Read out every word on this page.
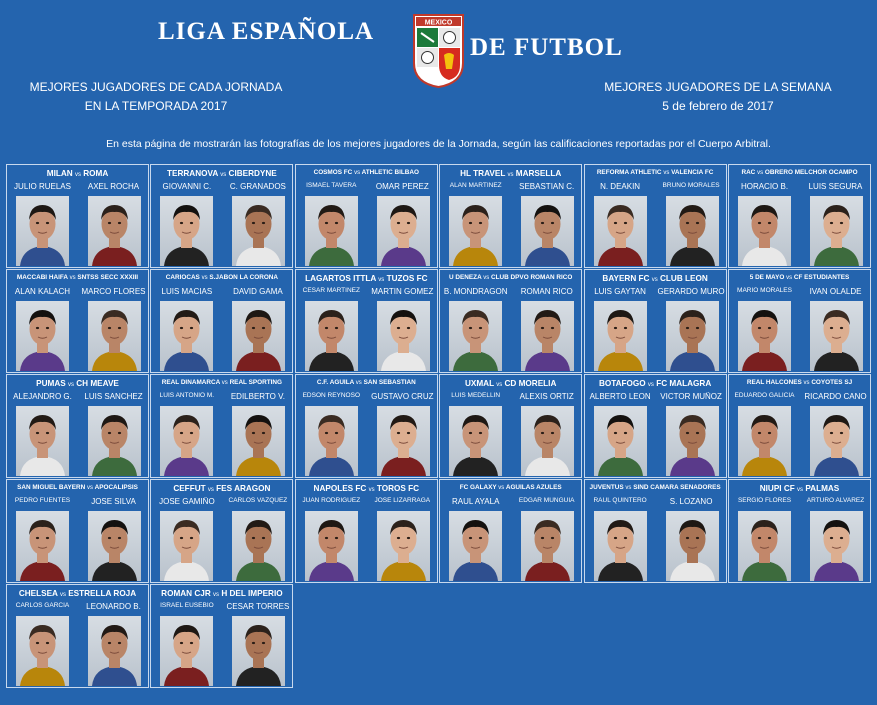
LIGA ESPAÑOLA	MEXICO
DE FUTBOL
MEJORES JUGADORES DE CADA JORNADA
EN LA TEMPORADA 2017
MEJORES JUGADORES DE LA SEMANA
5 de febrero de 2017
En esta página de mostrarán las fotografías de los mejores jugadores de la Jornada, según las calificaciones reportadas por el Cuerpo Arbitral.
MILAN vs ROMA
JULIO RUELAS	AXEL ROCHA
TERRANOVA vs CIBERDYNE
GIOVANNI C.	C. GRANADOS
COSMOS FC vs ATHLETIC BILBAO
ISMAEL TAVERA	OMAR PEREZ
HL TRAVEL vs MARSELLA
ALAN MARTINEZ	SEBASTIAN C.
REFORMA ATHLETIC vs VALENCIA FC
N. DEAKIN	BRUNO MORALES
RAC vs OBRERO MELCHOR OCAMPO
HORACIO B.	LUIS SEGURA
MACCABI HAIFA vs SNTSS SECC XXXIII
ALAN KALACH	MARCO FLORES
CARIOCAS vs S.JABON LA CORONA
LUIS MACIAS	DAVID GAMA
LAGARTOS ITTLA vs TUZOS FC
CESAR MARTINEZ	MARTIN GOMEZ
U DENEZA vs CLUB DPVO ROMAN RICO
B. MONDRAGON	ROMAN RICO
BAYERN FC vs CLUB LEON
LUIS GAYTAN	GERARDO MURO
5 DE MAYO vs CF ESTUDIANTES
MARIO MORALES	IVAN OLALDE
PUMAS vs CH MEAVE
ALEJANDRO G.	LUIS SANCHEZ
REAL DINAMARCA vs REAL SPORTING
LUIS ANTONIO M.	EDILBERTO V.
C.F. AGUILA vs SAN SEBASTIAN
EDSON REYNOSO	GUSTAVO CRUZ
UXMAL vs CD MORELIA
LUIS MEDELLIN	ALEXIS ORTIZ
BOTAFOGO vs FC MALAGRA
ALBERTO LEON	VICTOR MUÑOZ
REAL HALCONES vs COYOTES SJ
EDUARDO GALICIA	RICARDO CANO
SAN MIGUEL BAYERN vs APOCALIPSIS
PEDRO FUENTES	JOSE SILVA
CEFFUT vs FES ARAGON
JOSE GAMIÑO	CARLOS VAZQUEZ
NAPOLES FC vs TOROS FC
JUAN RODRIGUEZ	JOSE LIZARRAGA
FC GALAXY vs AGUILAS AZULES
RAUL AYALA	EDGAR MUNGUIA
JUVENTUS vs SIND CAMARA SENADORES
RAUL QUINTERO	S. LOZANO
NIUPI CF vs PALMAS
SERGIO FLORES	ARTURO ALVAREZ
CHELSEA vs ESTRELLA ROJA
CARLOS GARCIA	LEONARDO B.
ROMAN CJR vs H DEL IMPERIO
ISRAEL EUSEBIO	CESAR TORRES
